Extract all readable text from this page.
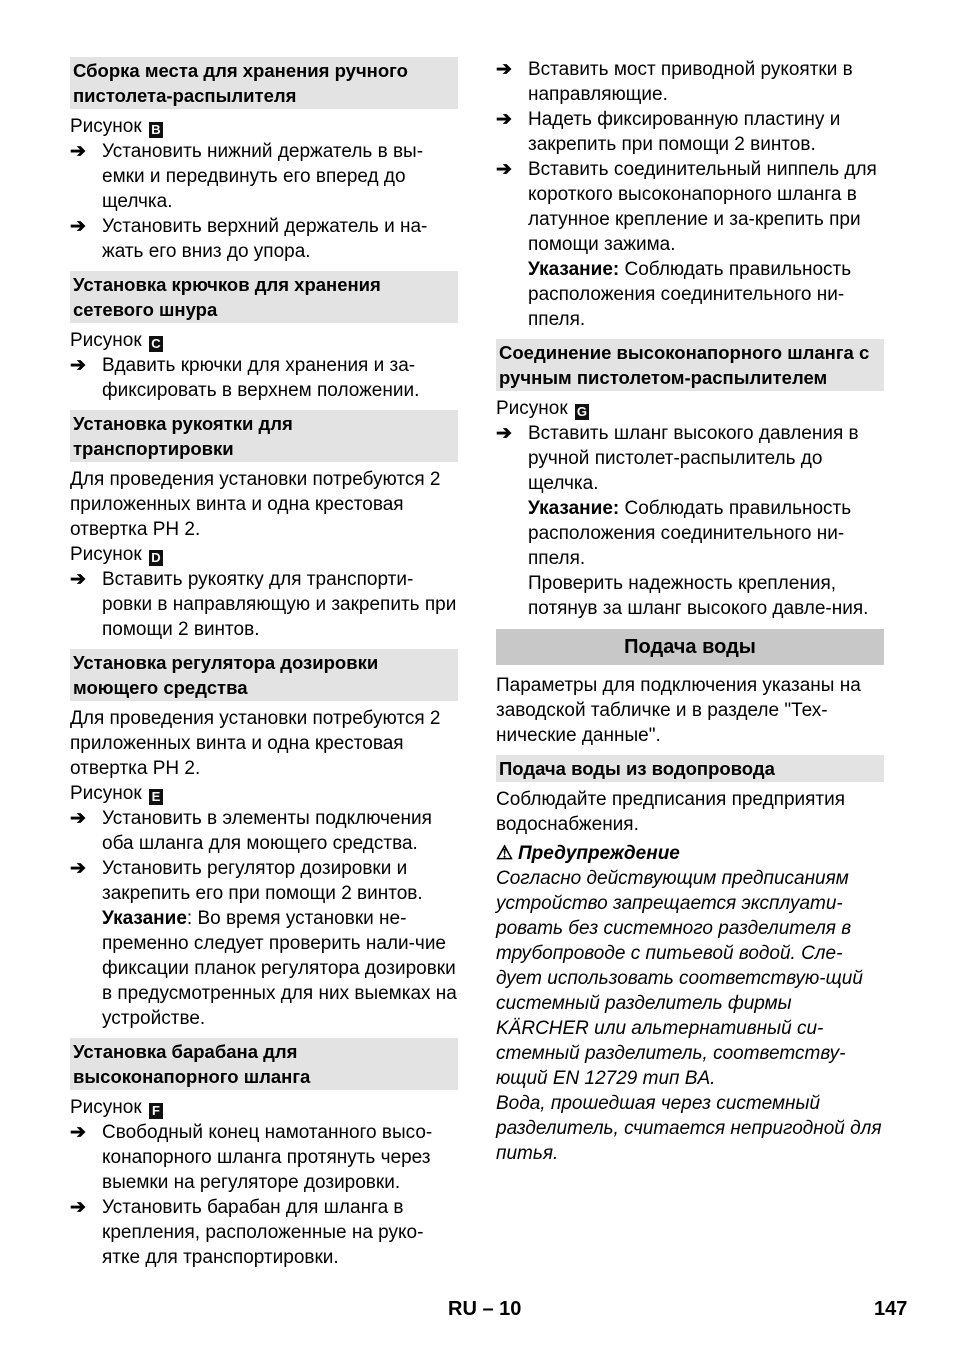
Сборка места для хранения ручного пистолета-распылителя
Рисунок B
➔ Установить нижний держатель в вы-емки и передвинуть его вперед до щелчка.
➔ Установить верхний держатель и на-жать его вниз до упора.
Установка крючков для хранения сетевого шнура
Рисунок C
➔ Вдавить крючки для хранения и за-фиксировать в верхнем положении.
Установка рукоятки для транспортировки

Для проведения установки потребуются 2 приложенных винта и одна крестовая отвертка PH 2.

Рисунок D
➔ Вставить рукоятку для транспорти-ровки в направляющую и закрепить при помощи 2 винтов.
Установка регулятора дозировки моющего средства

Для проведения установки потребуются 2 приложенных винта и одна крестовая отвертка PH 2.

Рисунок E
➔ Установить в элементы подключения оба шланга для моющего средства.
➔ Установить регулятор дозировки и закрепить его при помощи 2 винтов.
Указание: Во время установки не-пременно следует проверить нали-чие фиксации планок регулятора дозировки в предусмотренных для них выемках на устройстве.
Установка барабана для высоконапорного шланга
Рисунок F
➔ Свободный конец намотанного высо-конапорного шланга протянуть через выемки на регуляторе дозировки.
➔ Установить барабан для шланга в крепления, расположенные на руко-ятке для транспортировки.
➔ Вставить мост приводной рукоятки в направляющие.
➔ Надеть фиксированную пластину и закрепить при помощи 2 винтов.
➔ Вставить соединительный ниппель для короткого высоконапорного шланга в латунное крепление и за-крепить при помощи зажима.
Указание: Соблюдать правильность расположения соединительного ни-ппеля.
Соединение высоконапорного шланга с ручным пистолетом-распылителем
Рисунок G
➔ Вставить шланг высокого давления в ручной пистолет-распылитель до щелчка.
Указание: Соблюдать правильность расположения соединительного ни-ппеля.
Проверить надежность крепления, потянув за шланг высокого давле-ния.
Подача воды

Параметры для подключения указаны на заводской табличке и в разделе "Тех-нические данные".

Подача воды из водопровода

Соблюдайте предписания предприятия водоснабжения.

⚠ Предупреждение

Согласно действующим предписаниям устройство запрещается эксплуати-ровать без системного разделителя в трубопроводе с питьевой водой. Сле-дует использовать соответствую-щий системный разделитель фирмы KÄRCHER или альтернативный си-стемный разделитель, соответству-ющий EN 12729 тип BA.

Вода, прошедшая через системный разделитель, считается непригодной для питья.

RU – 10	147
